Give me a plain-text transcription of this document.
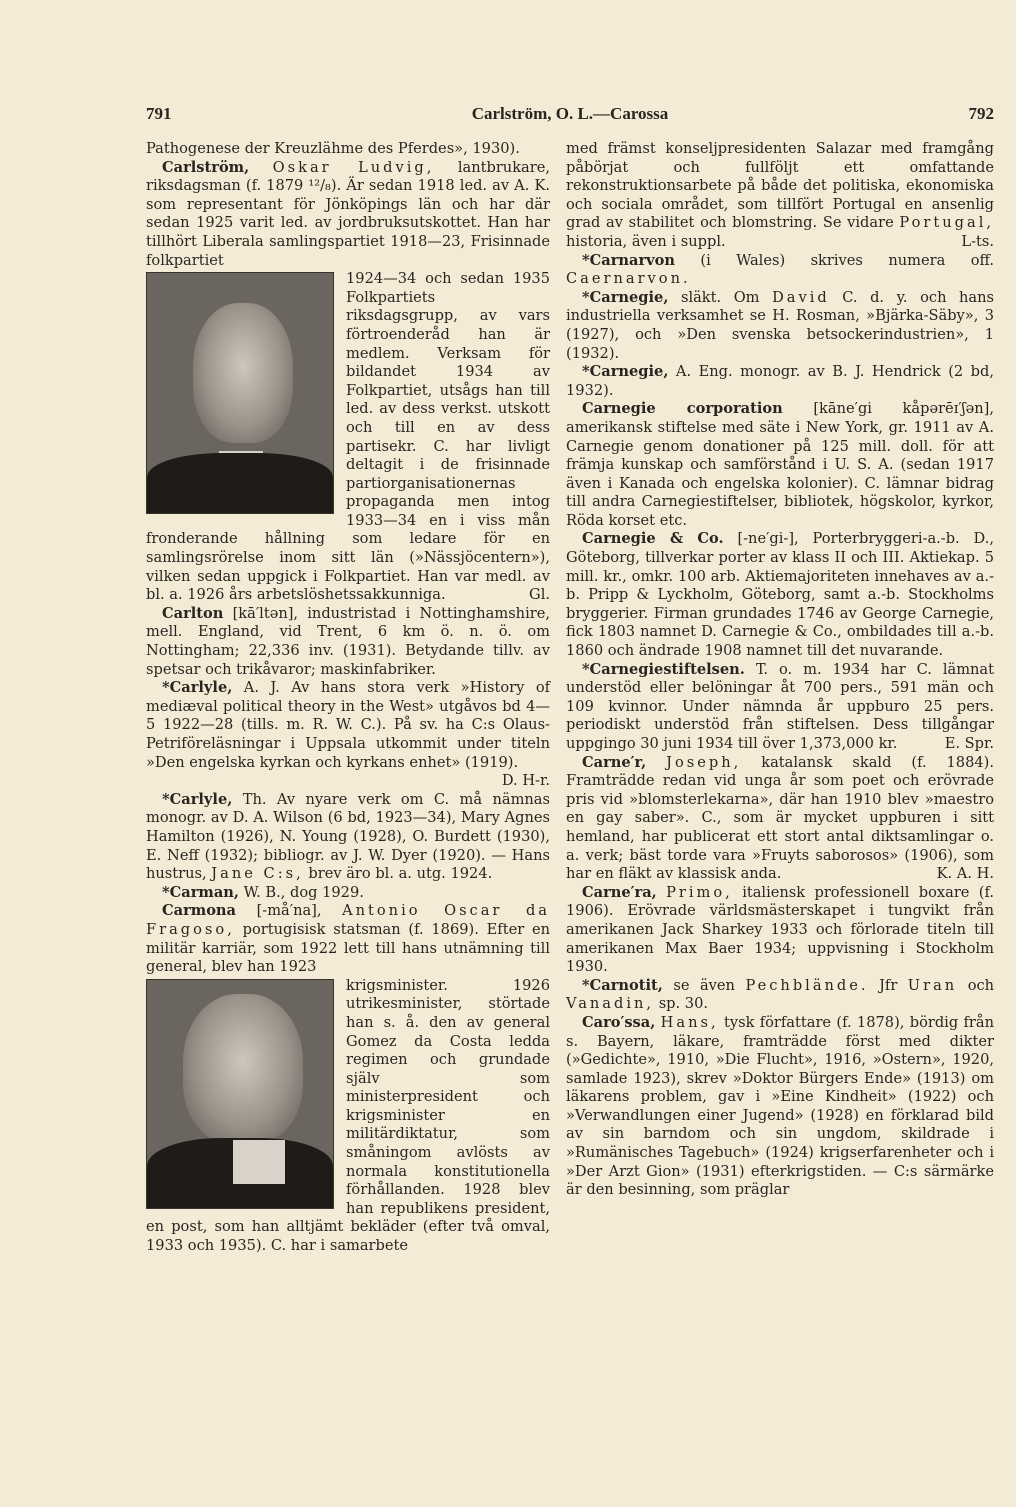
791	Carlström, O. L.—Carossa	792

Pathogenese der Kreuzlähme des Pferdes», 1930).

Carlström, Oskar Ludvig, lantbrukare, riksdagsman (f. 1879 ¹²/₈). Är sedan 1918 led. av A. K. som representant för Jönköpings län och har där sedan 1925 varit led. av jordbruksutskottet. Han har tillhört Liberala samlingspartiet 1918—23, Frisinnade folkpartiet

1924—34 och sedan 1935 Folkpartiets riksdagsgrupp, av vars förtroenderåd han är medlem. Verksam för bildandet 1934 av Folkpartiet, utsågs han till led. av dess verkst. utskott och till en av dess partisekr. C. har livligt deltagit i de frisinnade partiorganisationernas propaganda men intog 1933—34 en i viss mån fronderande hållning som ledare för en samlingsrörelse inom sitt län (»Nässjöcentern»), vilken sedan uppgick i Folkpartiet. Han var medl. av bl. a. 1926 års arbetslöshetssakkunniga.	Gl.

Carlton [kā′ltən], industristad i Nottinghamshire, mell. England, vid Trent, 6 km ö. n. ö. om Nottingham; 22,336 inv. (1931). Betydande tillv. av spetsar och trikåvaror; maskinfabriker.

*Carlyle, A. J. Av hans stora verk »History of mediæval political theory in the West» utgåvos bd 4—5 1922—28 (tills. m. R. W. C.). På sv. ha C:s Olaus-Petriföreläsningar i Uppsala utkommit under titeln »Den engelska kyrkan och kyrkans enhet» (1919).
D. H-r.

*Carlyle, Th. Av nyare verk om C. må nämnas monogr. av D. A. Wilson (6 bd, 1923—34), Mary Agnes Hamilton (1926), N. Young (1928), O. Burdett (1930), E. Neff (1932); bibliogr. av J. W. Dyer (1920). — Hans hustrus, Jane C:s, brev äro bl. a. utg. 1924.

*Carman, W. B., dog 1929.

Carmona [-må′na], Antonio Oscar da Fragoso, portugisisk statsman (f. 1869). Efter en militär karriär, som 1922 lett till hans utnämning till general, blev han 1923

krigsminister. 1926 utrikesminister, störtade han s. å. den av general Gomez da Costa ledda regimen och grundade själv som ministerpresident och krigsminister en militärdiktatur, som småningom avlösts av normala konstitutionella förhållanden. 1928 blev han republikens president, en post, som han alltjämt bekläder (efter två omval, 1933 och 1935). C. har i samarbete

med främst konseljpresidenten Salazar med framgång påbörjat och fullföljt ett omfattande rekonstruktionsarbete på både det politiska, ekonomiska och sociala området, som tillfört Portugal en ansenlig grad av stabilitet och blomstring. Se vidare Portugal, historia, även i suppl.	L-ts.

*Carnarvon (i Wales) skrives numera off. Caernarvon.

*Carnegie, släkt. Om David C. d. y. och hans industriella verksamhet se H. Rosman, »Bjärka-Säby», 3 (1927), och »Den svenska betsockerindustrien», 1 (1932).

*Carnegie, A. Eng. monogr. av B. J. Hendrick (2 bd, 1932).

Carnegie corporation [kāne′gi kåpərēɪ′ʃən], amerikansk stiftelse med säte i New York, gr. 1911 av A. Carnegie genom donationer på 125 mill. doll. för att främja kunskap och samförstånd i U. S. A. (sedan 1917 även i Kanada och engelska kolonier). C. lämnar bidrag till andra Carnegiestiftelser, bibliotek, högskolor, kyrkor, Röda korset etc.

Carnegie & Co. [-ne′gi-], Porterbryggeri-a.-b. D., Göteborg, tillverkar porter av klass II och III. Aktiekap. 5 mill. kr., omkr. 100 arb. Aktiemajoriteten innehaves av a.-b. Pripp & Lyckholm, Göteborg, samt a.-b. Stockholms bryggerier. Firman grundades 1746 av George Carnegie, fick 1803 namnet D. Carnegie & Co., ombildades till a.-b. 1860 och ändrade 1908 namnet till det nuvarande.

*Carnegiestiftelsen. T. o. m. 1934 har C. lämnat understöd eller belöningar åt 700 pers., 591 män och 109 kvinnor. Under nämnda år uppburo 25 pers. periodiskt understöd från stiftelsen. Dess tillgångar uppgingo 30 juni 1934 till över 1,373,000 kr.	E. Spr.

Carne′r, Joseph, katalansk skald (f. 1884). Framträdde redan vid unga år som poet och erövrade pris vid »blomsterlekarna», där han 1910 blev »maestro en gay saber». C., som är mycket uppburen i sitt hemland, har publicerat ett stort antal diktsamlingar o. a. verk; bäst torde vara »Fruyts saborosos» (1906), som har en fläkt av klassisk anda.	K. A. H.

Carne′ra, Primo, italiensk professionell boxare (f. 1906). Erövrade världsmästerskapet i tungvikt från amerikanen Jack Sharkey 1933 och förlorade titeln till amerikanen Max Baer 1934; uppvisning i Stockholm 1930.

*Carnotit, se även Pechblände. Jfr Uran och Vanadin, sp. 30.

Caro′ssa, Hans, tysk författare (f. 1878), bördig från s. Bayern, läkare, framträdde först med dikter (»Gedichte», 1910, »Die Flucht», 1916, »Ostern», 1920, samlade 1923), skrev »Doktor Bürgers Ende» (1913) om läkarens problem, gav i »Eine Kindheit» (1922) och »Verwandlungen einer Jugend» (1928) en förklarad bild av sin barndom och sin ungdom, skildrade i »Rumänisches Tagebuch» (1924) krigserfarenheter och i »Der Arzt Gion» (1931) efterkrigstiden. — C:s särmärke är den besinning, som präglar
